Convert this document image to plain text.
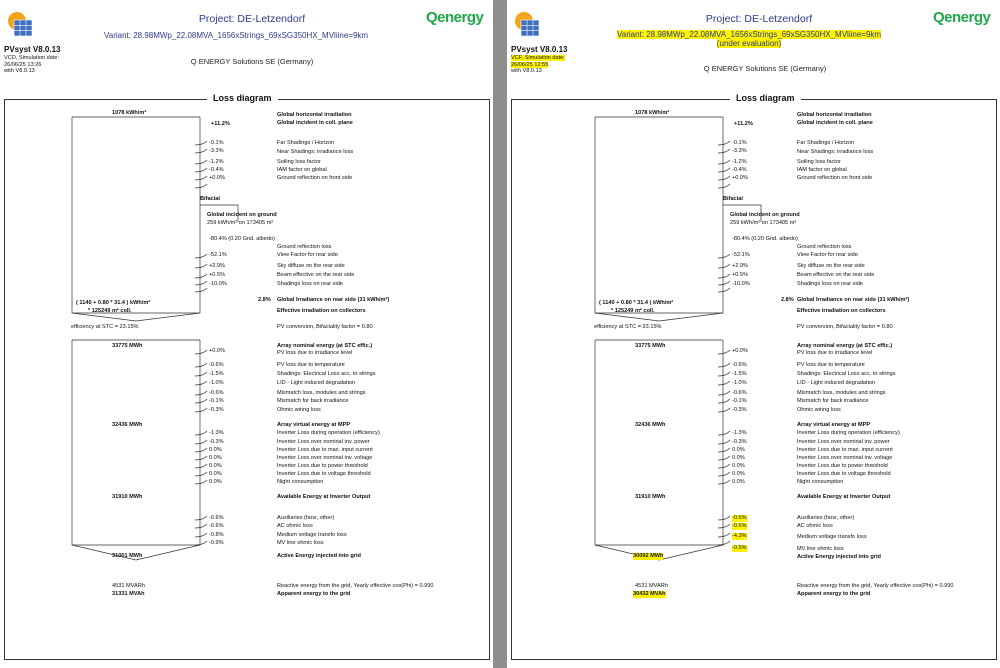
Project: DE-Letzendorf
Variant: 28.98MWp_22.08MVA_1656xStrings_69xSG350HX_MVliine=9km
Qenergy
PVsyst V8.0.13
VCD, Simulation date:
26/06/25 13:26
with V8.0.13
Q ENERGY Solutions SE (Germany)
Loss diagram
1078 kWh/m²
( 1140 + 0.80 * 31.4 ) kWh/m²
* 125249 m² coll.
efficiency at STC = 23.15%
33775 MWh
32436 MWh
31910 MWh
31001 MWh
4531 MVARh
31331 MVAh
+11.2%
-0.1%
-3.3%
-1.2%
-0.4%
+0.0%
Bifacial
Global incident on ground
259 kWh/m² on 173405 m²
-80.4% (0.20 Gnd. albedo)
-52.1%
+2.9%
+0.5%
-10.0%
2.8%
+0.0%
-0.6%
-1.5%
-1.0%
-0.6%
-0.1%
-0.3%
-1.3%
-0.3%
0.0%
0.0%
0.0%
0.0%
0.0%
-0.6%
-0.6%
-0.8%
-0.9%
Global horizontal irradiation
Global incident in coll. plane
Far Shadings / Horizon
Near Shadings: irradiance loss
Soiling loss factor
IAM factor on global
Ground reflection on front side
Ground reflection loss
View Factor for rear side
Sky diffuse on the rear side
Beam effective on the rear side
Shadings loss on rear side
Global Irradiance on rear side (31 kWh/m²)
Effective irradiation on collectors
PV conversion, Bifaciality factor = 0.80
Array nominal energy (at STC effic.)
PV loss due to irradiance level
PV loss due to temperature
Shadings: Electrical Loss acc. to strings
LID - Light induced degradation
Mismatch loss, modules and strings
Mismatch for back irradiance
Ohmic wiring loss
Array virtual energy at MPP
Inverter Loss during operation (efficiency)
Inverter Loss over nominal inv. power
Inverter Loss due to max. input current
Inverter Loss over nominal inv. voltage
Inverter Loss due to power threshold
Inverter Loss due to voltage threshold
Night consumption
Available Energy at Inverter Output
Auxiliaries (fans, other)
AC ohmic loss
Medium voltage transfo loss
MV line ohmic loss
Active Energy injected into grid
Reactive energy from the grid, Yearly effective cos(Phi) = 0.990
Apparent energy to the grid
Project: DE-Letzendorf
Variant: 28.98MWp_22.08MVA_1656xStrings_69xSG350HX_MVliine=9km
(under evaluation)
Qenergy
PVsyst V8.0.13
VCF, Simulation date:
26/06/25 12:55
with V8.0.13	Q ENERGY Solutions SE (Germany)
Loss diagram
1078 kWh/m²
( 1140 + 0.80 * 31.4 ) kWh/m²
* 125249 m² coll.
efficiency at STC = 23.15%
33775 MWh
32436 MWh
31910 MWh
30092 MWh
4531 MVARh
30432 MVAh
+11.2%
-0.1%
-3.3%
-1.2%
-0.4%
+0.0%
Bifacial
Global incident on ground
259 kWh/m² on 173405 m²
-80.4% (0.20 Gnd. albedo)
-52.1%
+2.9%
+0.5%
-10.0%
2.8%
+0.0%
-0.6%
-1.5%
-1.0%
-0.6%
-0.1%
-0.3%
-1.3%
-0.3%
0.0%
0.0%
0.0%
0.0%
0.0%
-0.5%
-0.5%
-4.3%
-0.5%
Global horizontal irradiation
Global incident in coll. plane
Far Shadings / Horizon
Near Shadings: irradiance loss
Soiling loss factor
IAM factor on global
Ground reflection on front side
Ground reflection loss
View Factor for rear side
Sky diffuse on the rear side
Beam effective on the rear side
Shadings loss on rear side
Global Irradiance on rear side (31 kWh/m²)
Effective irradiation on collectors
PV conversion, Bifaciality factor = 0.80
Array nominal energy (at STC effic.)
PV loss due to irradiance level
PV loss due to temperature
Shadings: Electrical Loss acc. to strings
LID - Light induced degradation
Mismatch loss, modules and strings
Mismatch for back irradiance
Ohmic wiring loss
Array virtual energy at MPP
Inverter Loss during operation (efficiency)
Inverter Loss over nominal inv. power
Inverter Loss due to max. input current
Inverter Loss over nominal inv. voltage
Inverter Loss due to power threshold
Inverter Loss due to voltage threshold
Night consumption
Available Energy at Inverter Output
Auxiliaries (fans, other)
AC ohmic loss
Medium voltage transfo loss
MV line ohmic loss
Active Energy injected into grid
Reactive energy from the grid, Yearly effective cos(Phi) = 0.990
Apparent energy to the grid
